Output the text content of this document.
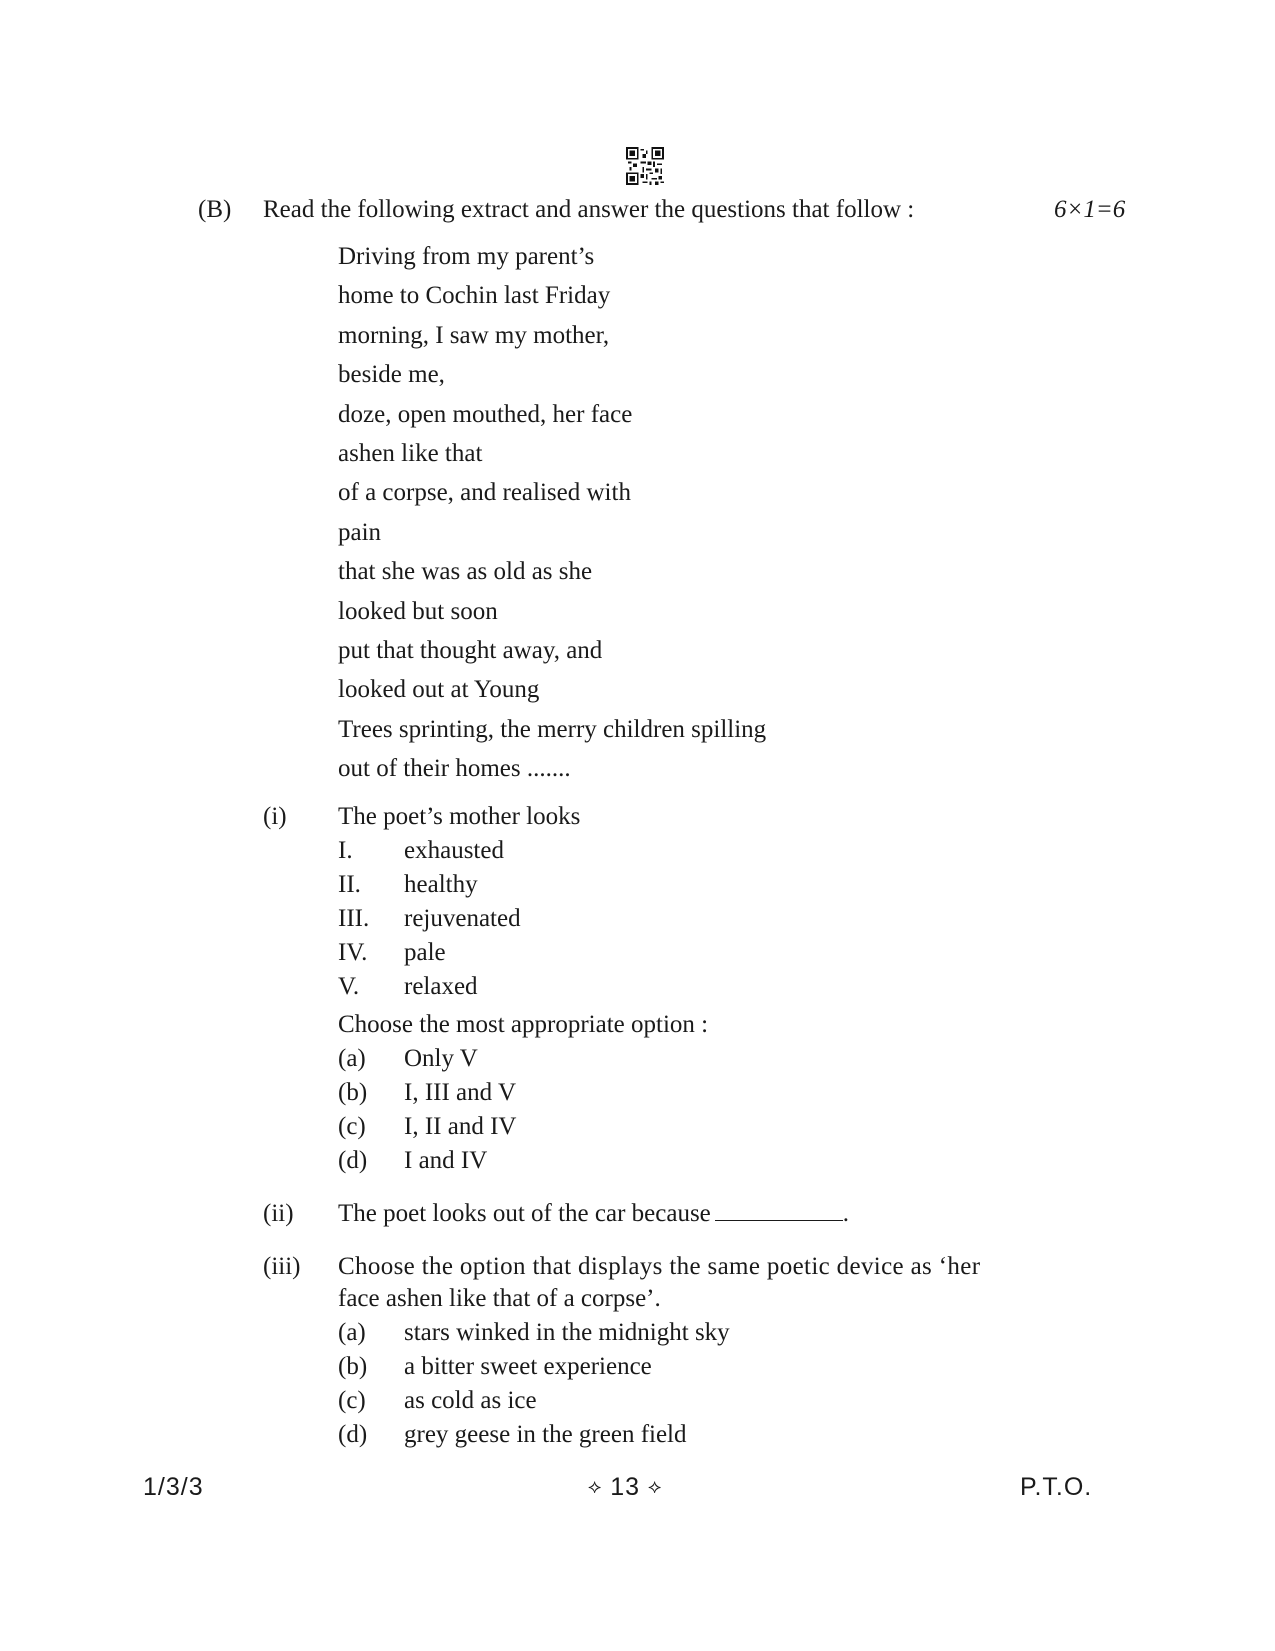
(B) Read the following extract and answer the questions that follow :	6×1=6
Driving from my parent’s
home to Cochin last Friday
morning, I saw my mother,
beside me,
doze, open mouthed, her face
ashen like that
of a corpse, and realised with
pain
that she was as old as she
looked but soon
put that thought away, and
looked out at Young
Trees sprinting, the merry children spilling
out of their homes .......
(i) The poet’s mother looks
I. exhausted
II. healthy
III. rejuvenated
IV. pale
V. relaxed
Choose the most appropriate option :
(a) Only V
(b) I, III and V
(c) I, II and IV
(d) I and IV
(ii) The poet looks out of the car because	.
(iii) Choose the option that displays the same poetic device as ‘her
face ashen like that of a corpse’.
(a) stars winked in the midnight sky
(b) a bitter sweet experience
(c) as cold as ice
(d) grey geese in the green field
1/3/3	⟡ 13 ⟡	P.T.O.
